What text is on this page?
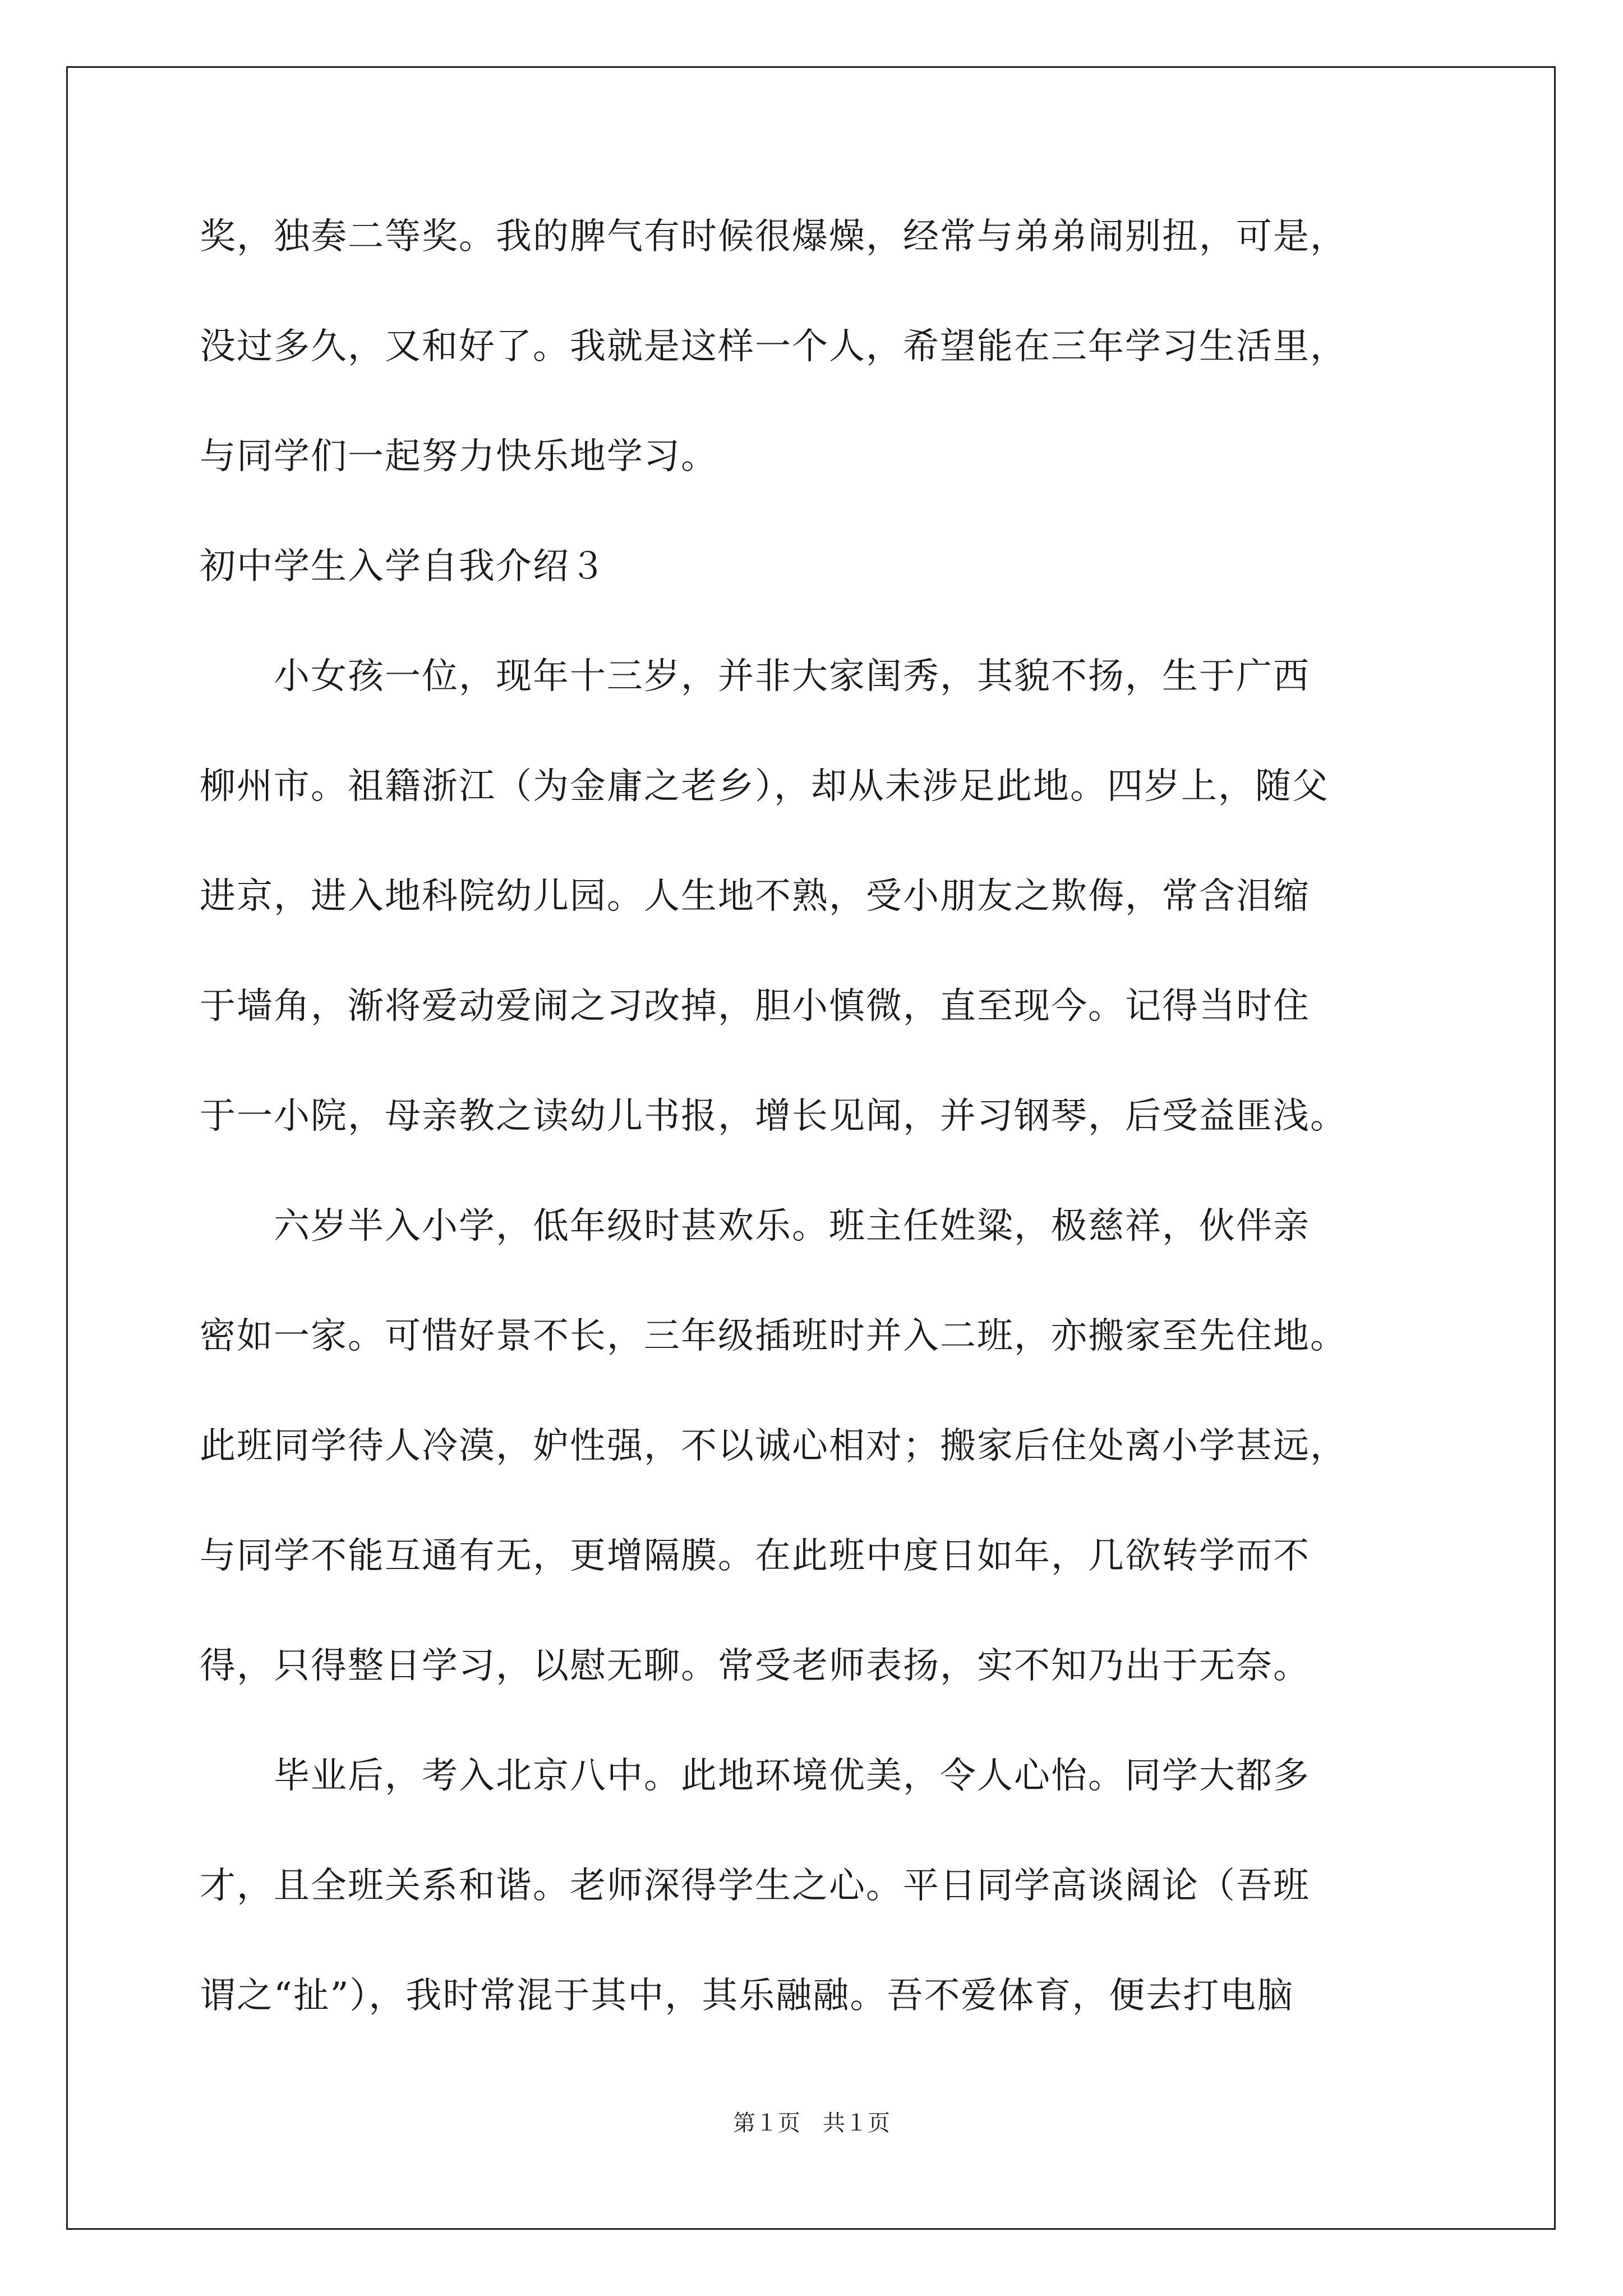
奖，独奏二等奖。我的脾气有时候很爆燥，经常与弟弟闹别扭，可是，
没过多久，又和好了。我就是这样一个人，希望能在三年学习生活里，
与同学们一起努力快乐地学习。
初中学生入学自我介绍３
　　小女孩一位，现年十三岁，并非大家闺秀，其貌不扬，生于广西
柳州市。祖籍浙江（为金庸之老乡），却从未涉足此地。四岁上，随父
进京，进入地科院幼儿园。人生地不熟，受小朋友之欺侮，常含泪缩
于墙角，渐将爱动爱闹之习改掉，胆小慎微，直至现今。记得当时住
于一小院，母亲教之读幼儿书报，增长见闻，并习钢琴，后受益匪浅。
　　六岁半入小学，低年级时甚欢乐。班主任姓粱，极慈祥，伙伴亲
密如一家。可惜好景不长，三年级插班时并入二班，亦搬家至先住地。
此班同学待人冷漠，妒性强，不以诚心相对；搬家后住处离小学甚远，
与同学不能互通有无，更增隔膜。在此班中度日如年，几欲转学而不
得，只得整日学习，以慰无聊。常受老师表扬，实不知乃出于无奈。
　　毕业后，考入北京八中。此地环境优美，令人心怡。同学大都多
才，且全班关系和谐。老师深得学生之心。平日同学高谈阔论（吾班
谓之“扯”），我时常混于其中，其乐融融。吾不爱体育，便去打电脑
第１页　共１页
